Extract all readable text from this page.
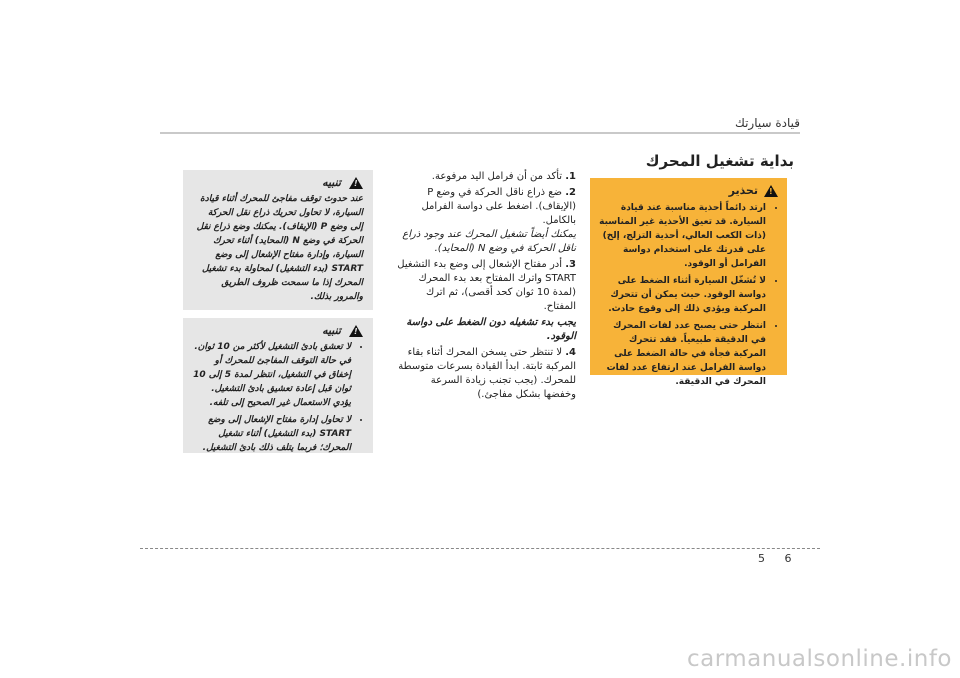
قيادة سيارتك
بداية تشغيل المحرك
!
تحذير
• ارتد دائماً أحذية مناسبة عند قيادة السيارة. قد تعيق الأحذية غير المناسبة (ذات الكعب العالي، أحذية التزلج، إلخ) على قدرتك على استخدام دواسة الفرامل أو الوقود.
• لا تُشغّل السيارة أثناء الضغط على دواسة الوقود. حيث يمكن أن تتحرك المركبة ويؤدي ذلك إلى وقوع حادث.
• انتظر حتى يصبح عدد لفات المحرك في الدقيقة طبيعياً. فقد تتحرك المركبة فجأة في حالة الضغط على دواسة الفرامل عند ارتفاع عدد لفات المحرك في الدقيقة.
1. تأكد من أن فرامل اليد مرفوعة.
2. ضع ذراع ناقل الحركة في وضع P (الإيقاف). اضغط على دواسة الفرامل بالكامل.
يمكنك أيضاً تشغيل المحرك عند وجود ذراع ناقل الحركة في وضع N (المحايد).
3. أدر مفتاح الإشعال إلى وضع بدء التشغيل START واترك المفتاح بعد بدء المحرك (لمدة 10 ثوان كحد أقصى)، ثم اترك المفتاح.
يجب بدء تشغيله دون الضغط على دواسة الوقود.
4. لا تنتظر حتى يسخن المحرك أثناء بقاء المركبة ثابتة. ابدأ القيادة بسرعات متوسطة للمحرك. (يجب تجنب زيادة السرعة وخفضها بشكل مفاجئ.)
!
تنبيه

عند حدوث توقف مفاجئ للمحرك أثناء قيادة السيارة، لا تحاول تحريك ذراع نقل الحركة إلى وضع P (الإيقاف). يمكنك وضع ذراع نقل الحركة في وضع N (المحايد) أثناء تحرك السيارة، وإدارة مفتاح الإشعال إلى وضع START (بدء التشغيل) لمحاولة بدء تشغيل المحرك إذا ما سمحت ظروف الطريق والمرور بذلك.

!
تنبيه
• لا تعشق بادئ التشغيل لأكثر من 10 ثوان. في حالة التوقف المفاجئ للمحرك أو إخفاق في التشغيل، انتظر لمدة 5 إلى 10 ثوان قبل إعادة تعشيق بادئ التشغيل. يؤدي الاستعمال غير الصحيح إلى تلفه.
• لا تحاول إدارة مفتاح الإشعال إلى وضع START (بدء التشغيل) أثناء تشغيل المحرك؛ فربما يتلف ذلك بادئ التشغيل.
5 6
carmanualsonline.info
